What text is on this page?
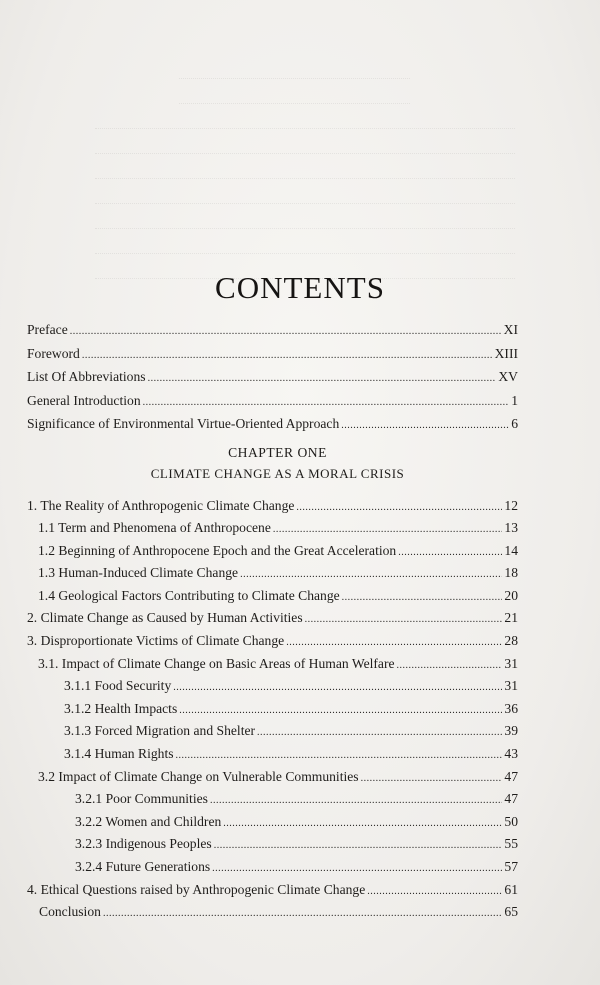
CONTENTS
Preface .....	XI
Foreword .....	XIII
List Of Abbreviations .....	XV
General Introduction .....	1
Significance of Environmental Virtue-Oriented Approach .....	6
CHAPTER ONE
CLIMATE CHANGE AS A MORAL CRISIS
1. The Reality of Anthropogenic Climate Change .....	12
1.1 Term and Phenomena of Anthropocene .....	13
1.2 Beginning of Anthropocene Epoch and the Great Acceleration .....	14
1.3 Human-Induced Climate Change .....	18
1.4 Geological Factors Contributing to Climate Change .....	20
2. Climate Change as Caused by Human Activities .....	21
3. Disproportionate Victims of Climate Change .....	28
3.1. Impact of Climate Change on Basic Areas of Human Welfare .....	31
3.1.1 Food Security .....	31
3.1.2 Health Impacts .....	36
3.1.3 Forced Migration and Shelter .....	39
3.1.4 Human Rights .....	43
3.2 Impact of Climate Change on Vulnerable Communities .....	47
3.2.1 Poor Communities .....	47
3.2.2 Women and Children .....	50
3.2.3 Indigenous Peoples .....	55
3.2.4 Future Generations .....	57
4. Ethical Questions raised by Anthropogenic Climate Change .....	61
Conclusion .....	65
